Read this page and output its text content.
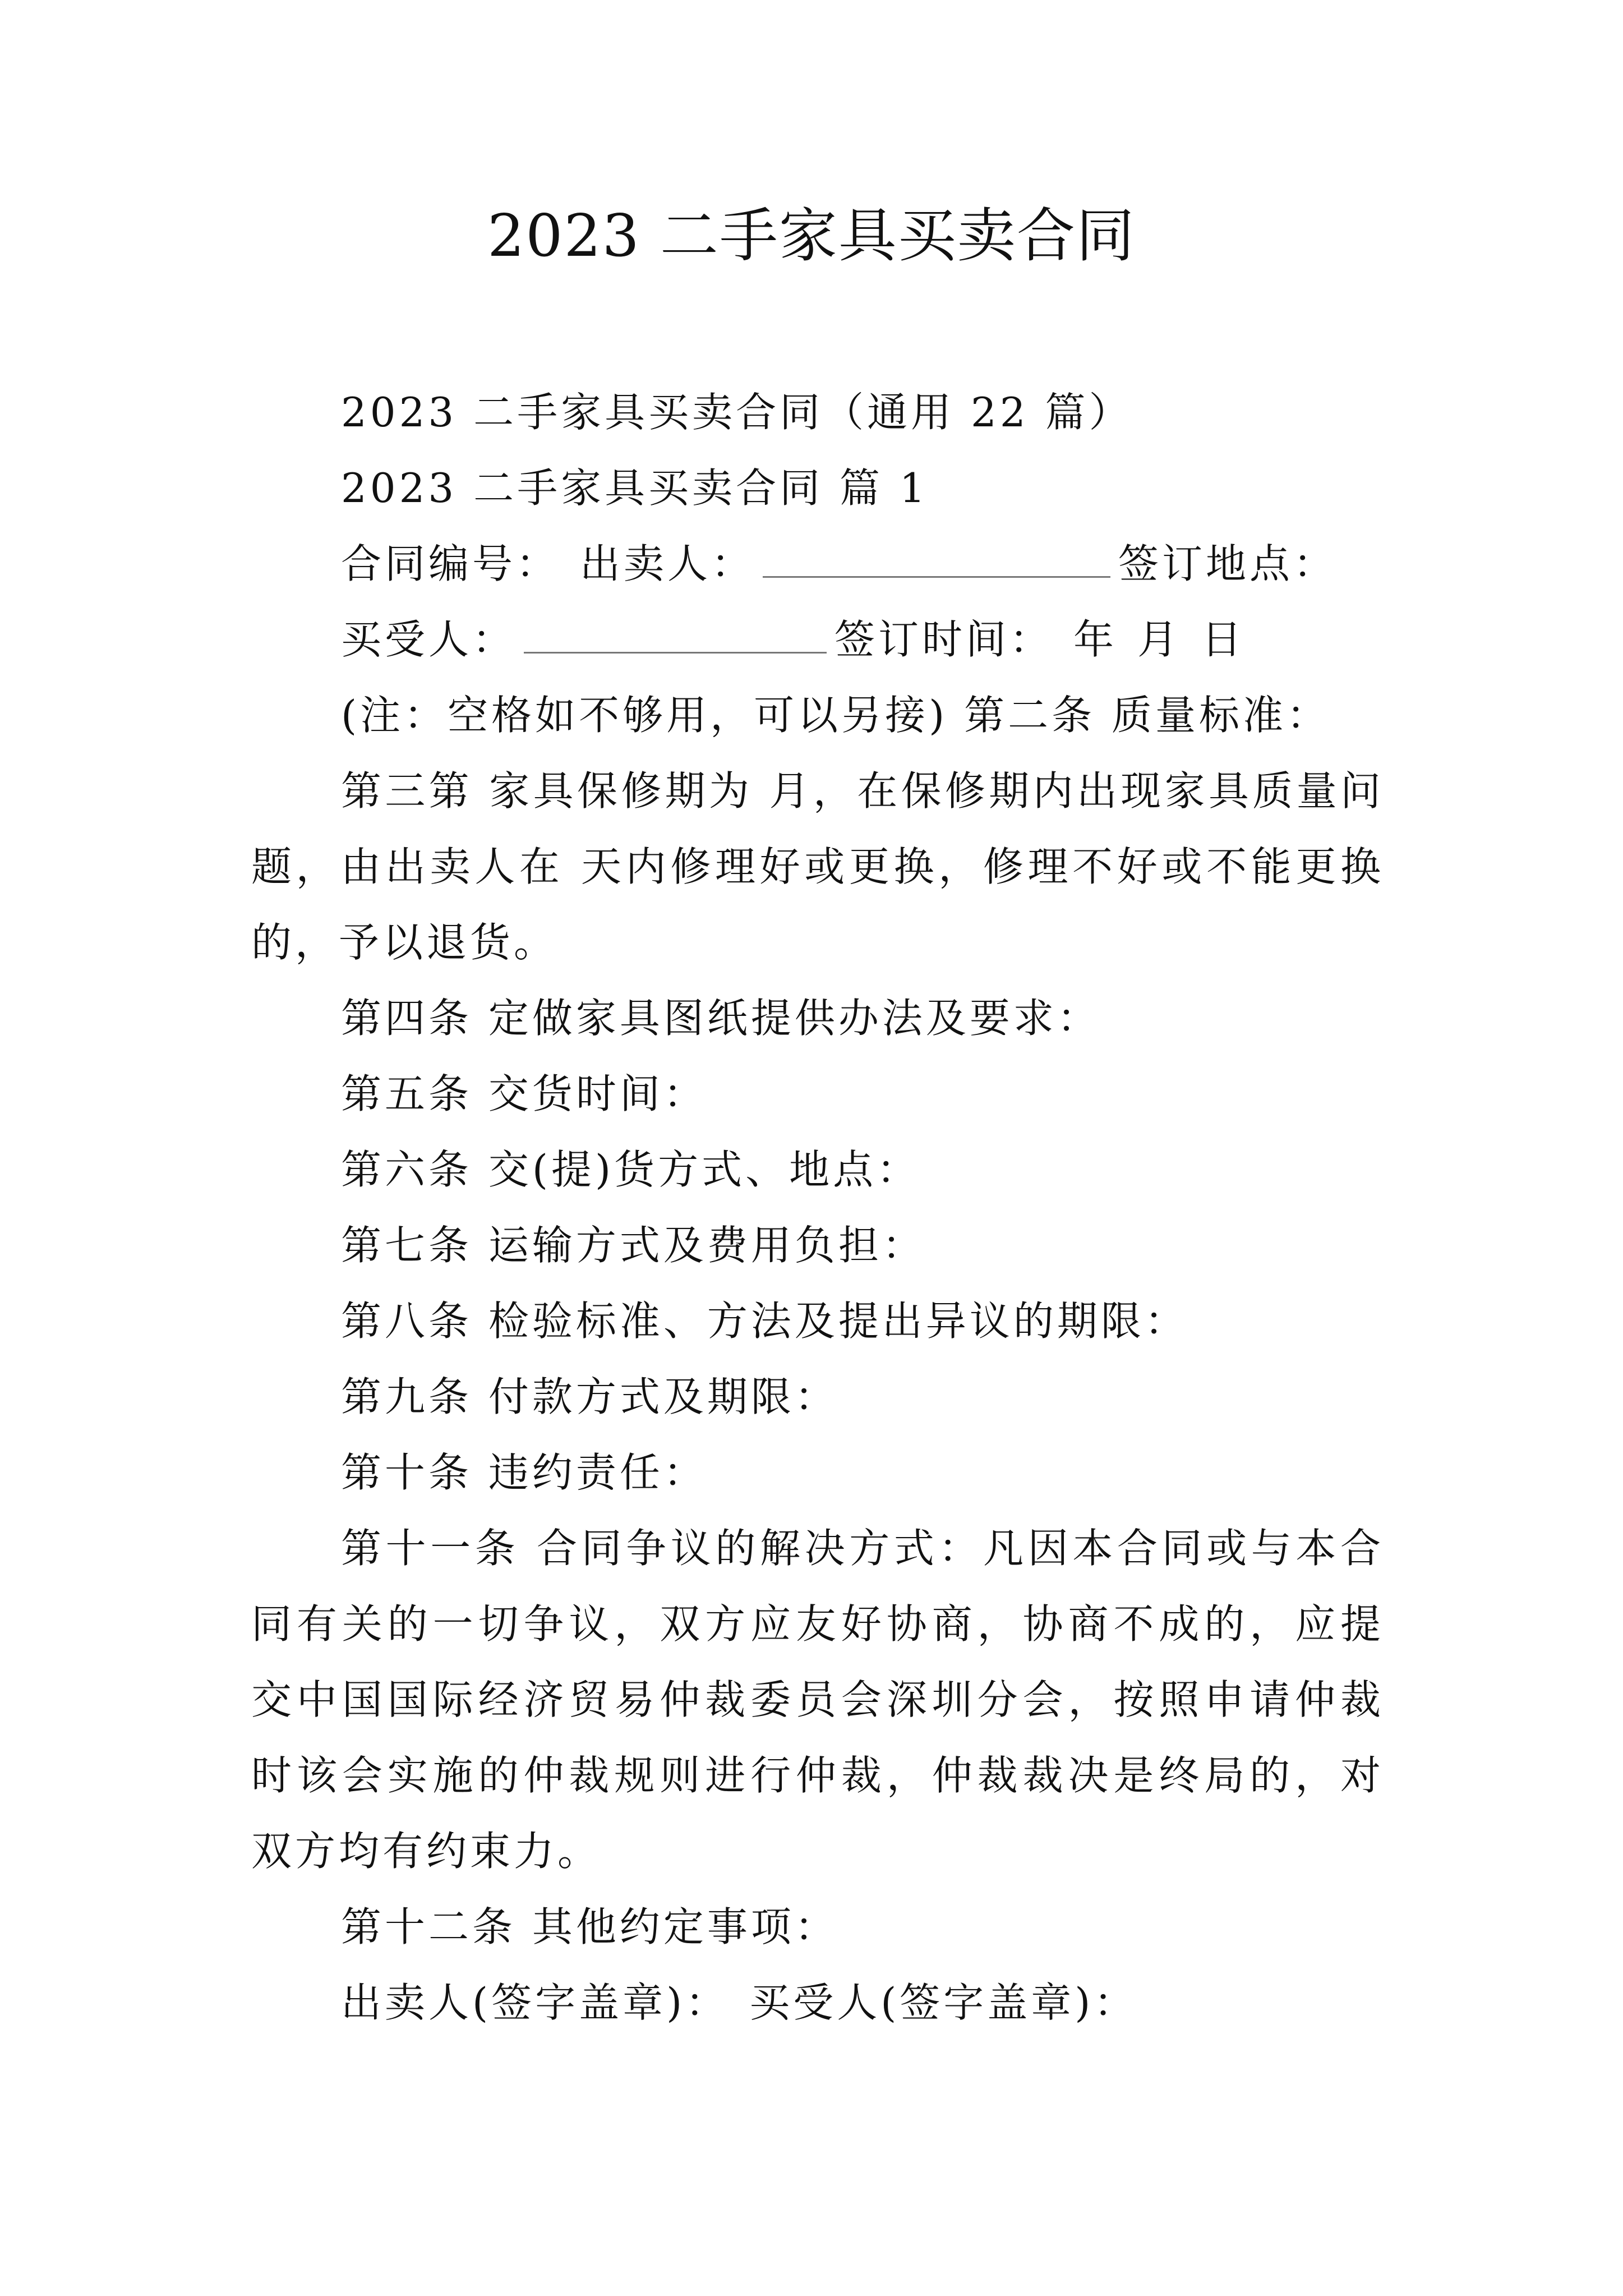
2023 二手家具买卖合同

2023 二手家具买卖合同（通用 22 篇）

2023 二手家具买卖合同 篇 1

合同编号： 出卖人：	签订地点：

买受人：	签订时间： 年 月 日

(注：空格如不够用，可以另接) 第二条 质量标准：

第三第 家具保修期为 月，在保修期内出现家具质量问题，由出卖人在 天内修理好或更换，修理不好或不能更换的，予以退货。

第四条 定做家具图纸提供办法及要求：

第五条 交货时间：

第六条 交(提)货方式、地点：

第七条 运输方式及费用负担：

第八条 检验标准、方法及提出异议的期限：

第九条 付款方式及期限：

第十条 违约责任：

第十一条 合同争议的解决方式：凡因本合同或与本合同有关的一切争议，双方应友好协商，协商不成的，应提交中国国际经济贸易仲裁委员会深圳分会，按照申请仲裁时该会实施的仲裁规则进行仲裁，仲裁裁决是终局的，对双方均有约束力。

第十二条 其他约定事项：

出卖人(签字盖章)： 买受人(签字盖章)：
